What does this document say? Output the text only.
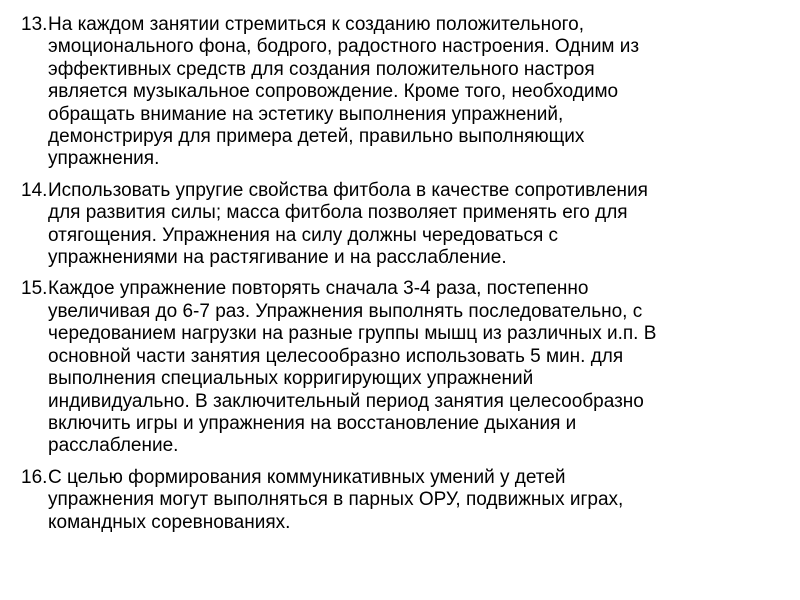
13. На каждом занятии стремиться к созданию положительного,
эмоционального фона, бодрого, радостного настроения. Одним из
эффективных средств для создания положительного настроя
является музыкальное сопровождение. Кроме того, необходимо
обращать внимание на эстетику выполнения упражнений,
демонстрируя для примера детей, правильно выполняющих
упражнения.
14. Использовать упругие свойства фитбола в качестве сопротивления
для развития силы; масса фитбола позволяет применять его для
отягощения. Упражнения на силу должны чередоваться с
упражнениями на растягивание и на расслабление.
15. Каждое упражнение повторять сначала 3-4 раза, постепенно
увеличивая до 6-7 раз. Упражнения выполнять последовательно, с
чередованием нагрузки на разные группы мышц из различных и.п. В
основной части занятия целесообразно использовать 5 мин. для
выполнения специальных корригирующих упражнений
индивидуально. В заключительный период занятия целесообразно
включить игры и упражнения на восстановление дыхания и
расслабление.
16. С целью формирования коммуникативных умений у детей
упражнения могут выполняться в парных ОРУ, подвижных играх,
командных соревнованиях.
